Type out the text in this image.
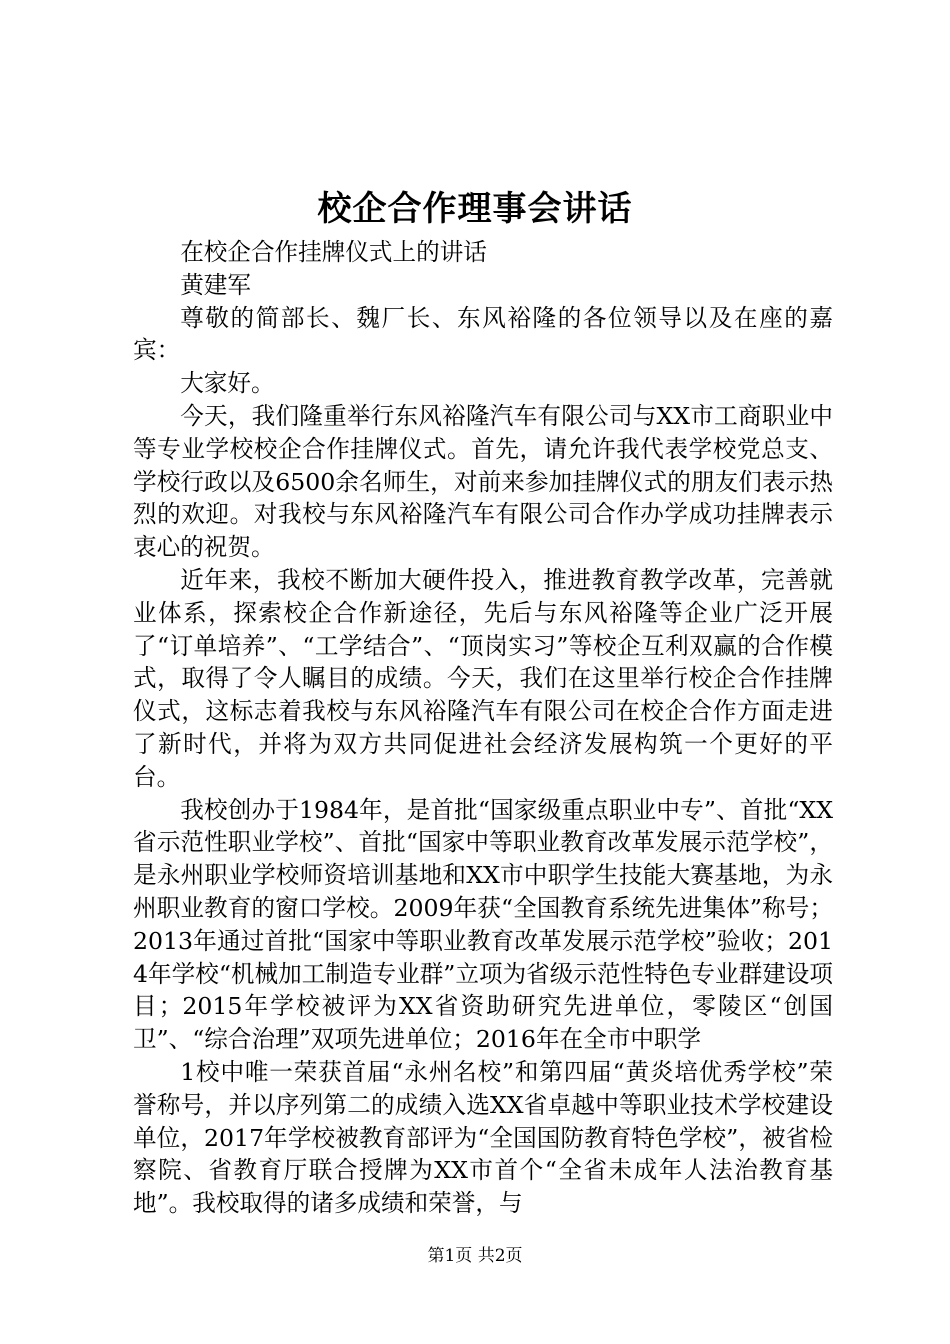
校企合作理事会讲话

在校企合作挂牌仪式上的讲话

黄建军

尊敬的简部长、魏厂长、东风裕隆的各位领导以及在座的嘉宾：

大家好。

今天，我们隆重举行东风裕隆汽车有限公司与XX市工商职业中等专业学校校企合作挂牌仪式。首先，请允许我代表学校党总支、学校行政以及6500余名师生，对前来参加挂牌仪式的朋友们表示热烈的欢迎。对我校与东风裕隆汽车有限公司合作办学成功挂牌表示衷心的祝贺。

近年来，我校不断加大硬件投入，推进教育教学改革，完善就业体系，探索校企合作新途径，先后与东风裕隆等企业广泛开展了“订单培养”、“工学结合”、“顶岗实习”等校企互利双赢的合作模式，取得了令人瞩目的成绩。今天，我们在这里举行校企合作挂牌仪式，这标志着我校与东风裕隆汽车有限公司在校企合作方面走进了新时代，并将为双方共同促进社会经济发展构筑一个更好的平台。

我校创办于1984年，是首批“国家级重点职业中专”、首批“XX省示范性职业学校”、首批“国家中等职业教育改革发展示范学校”，是永州职业学校师资培训基地和XX市中职学生技能大赛基地，为永州职业教育的窗口学校。2009年获“全国教育系统先进集体”称号；2013年通过首批“国家中等职业教育改革发展示范学校”验收；2014年学校“机械加工制造专业群”立项为省级示范性特色专业群建设项目；2015年学校被评为XX省资助研究先进单位，零陵区“创国卫”、“综合治理”双项先进单位；2016年在全市中职学

1校中唯一荣获首届“永州名校”和第四届“黄炎培优秀学校”荣誉称号，并以序列第二的成绩入选XX省卓越中等职业技术学校建设单位，2017年学校被教育部评为“全国国防教育特色学校”，被省检察院、省教育厅联合授牌为XX市首个“全省未成年人法治教育基地”。我校取得的诸多成绩和荣誉，与

第1页 共2页
